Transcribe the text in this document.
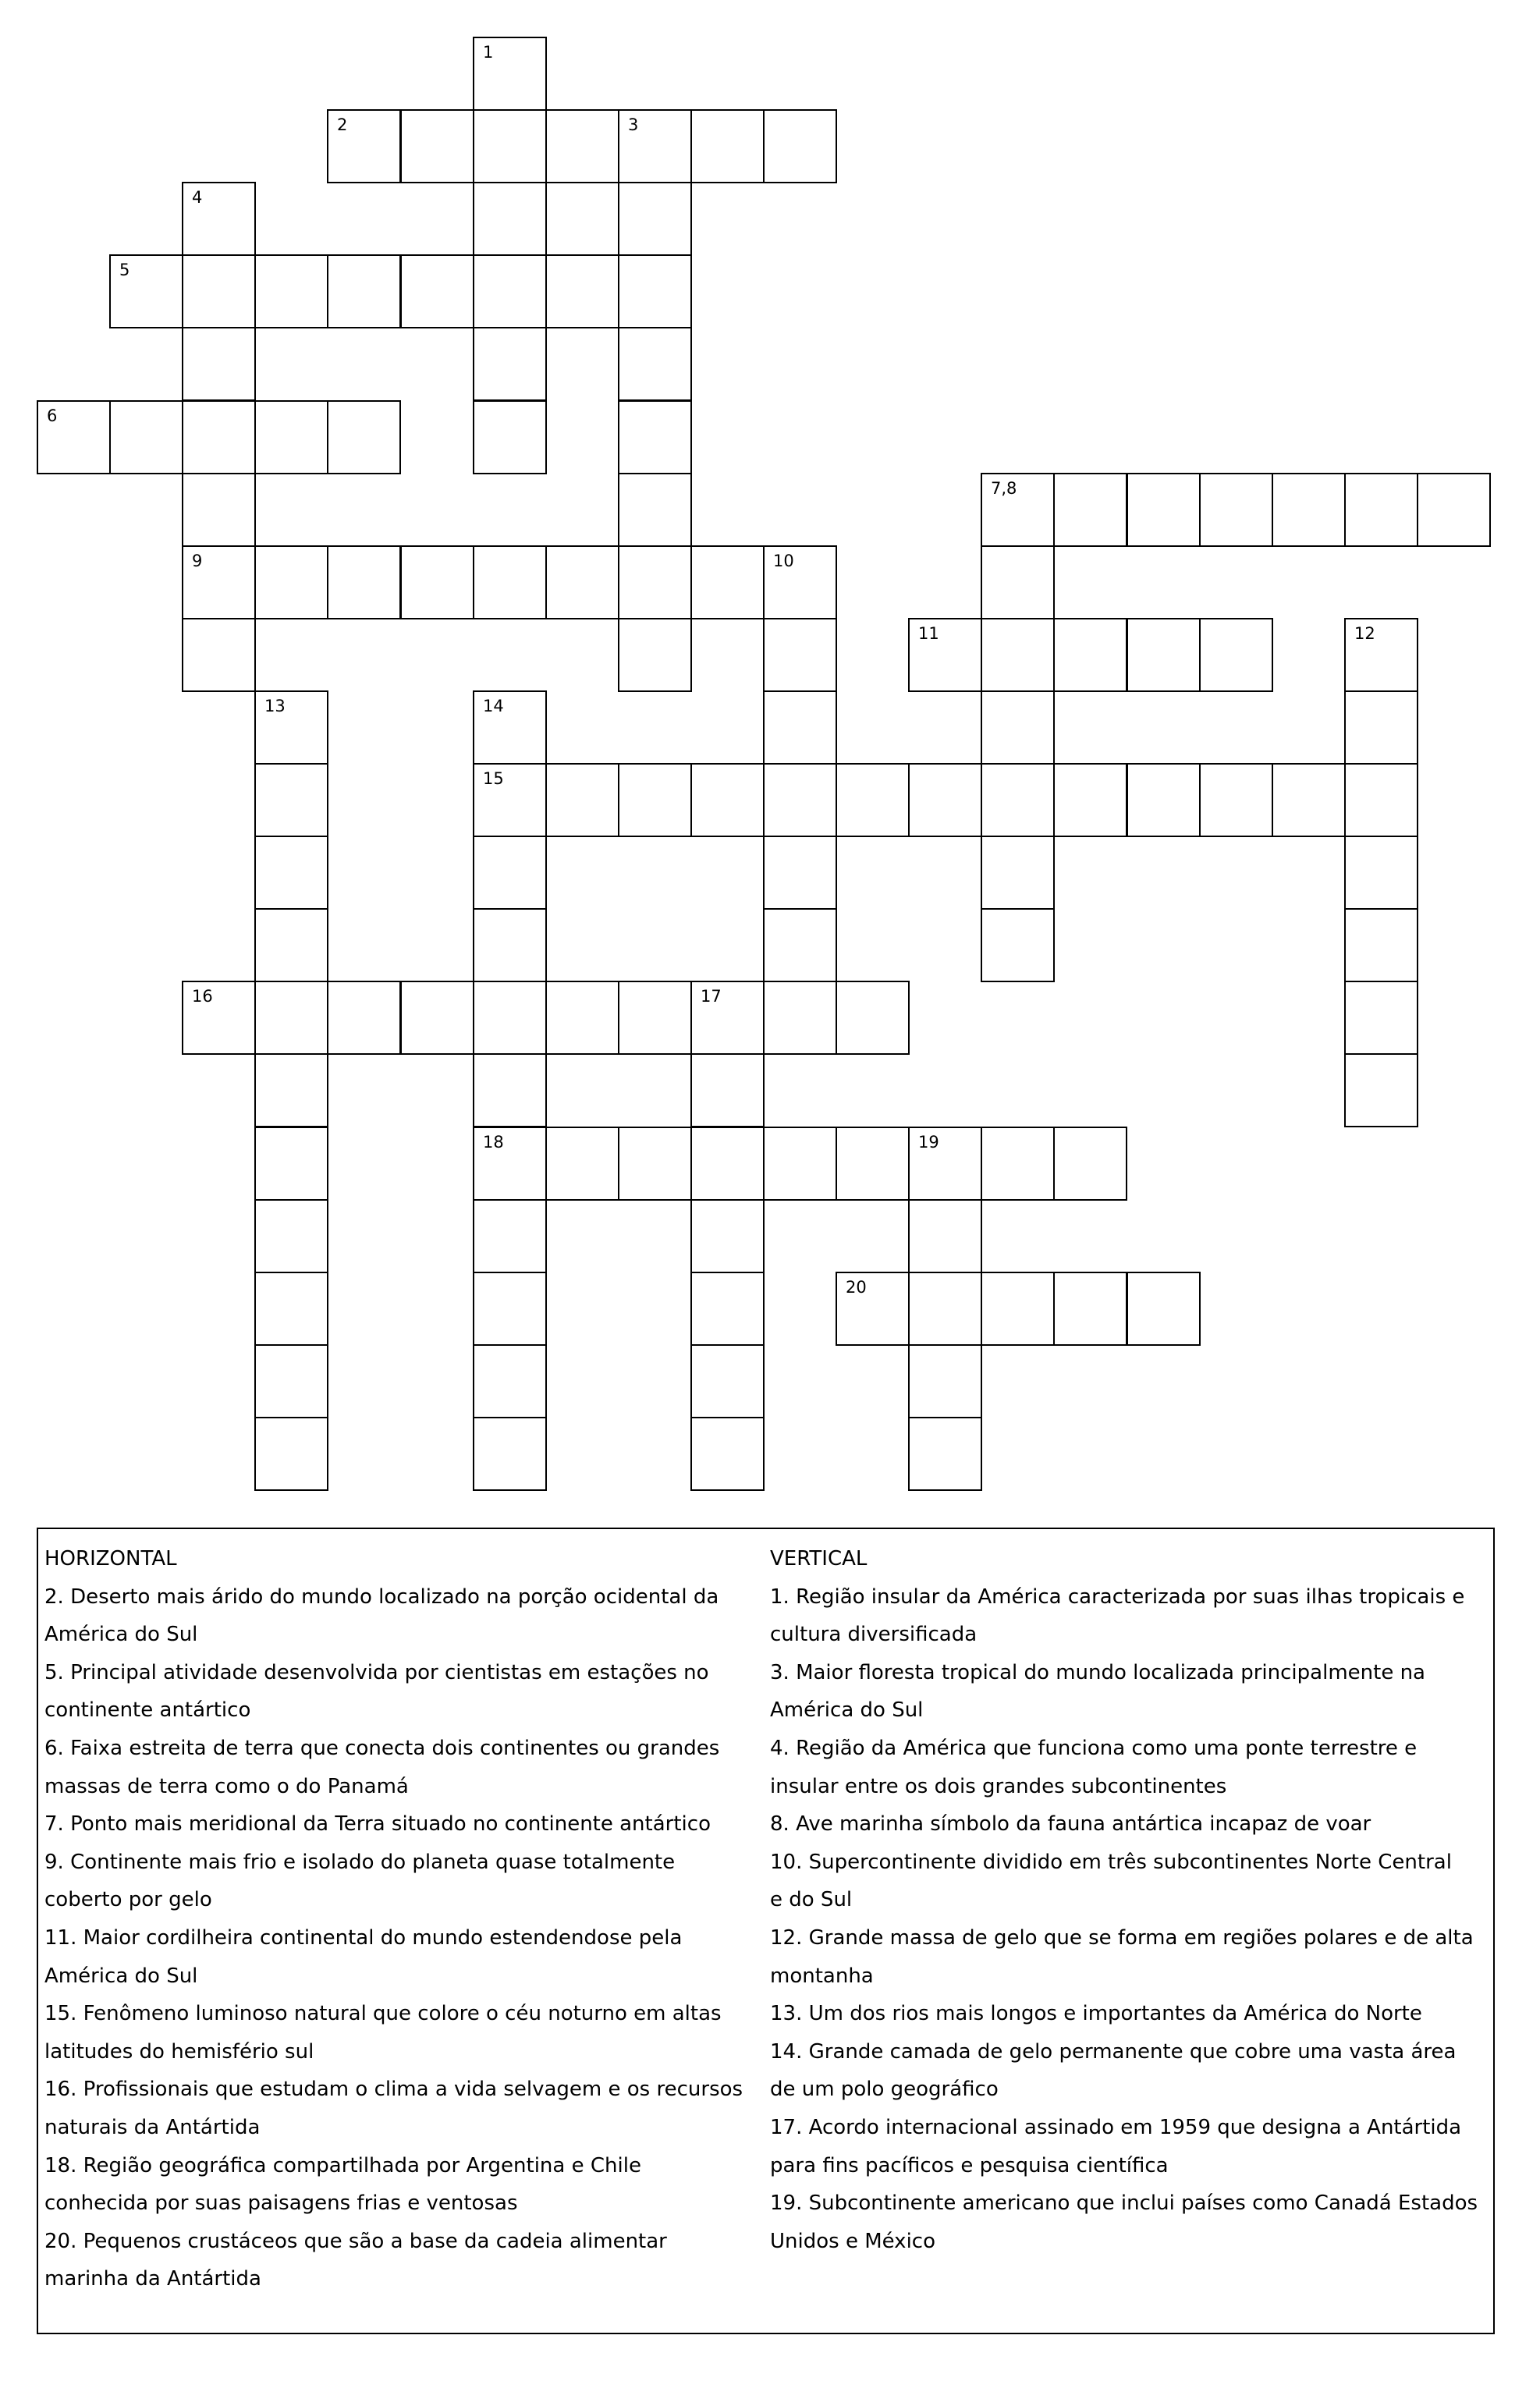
2	3
5
6
7,8
9	10
11
15
16	17
18	19
20
1
4
12
13	14
HORIZONTAL
2. Deserto mais árido do mundo localizado na porção ocidental da
América do Sul
5. Principal atividade desenvolvida por cientistas em estações no
continente antártico
6. Faixa estreita de terra que conecta dois continentes ou grandes
massas de terra como o do Panamá
7. Ponto mais meridional da Terra situado no continente antártico
9. Continente mais frio e isolado do planeta quase totalmente
coberto por gelo
11. Maior cordilheira continental do mundo estendendose pela
América do Sul
15. Fenômeno luminoso natural que colore o céu noturno em altas
latitudes do hemisfério sul
16. Profissionais que estudam o clima a vida selvagem e os recursos
naturais da Antártida
18. Região geográfica compartilhada por Argentina e Chile
conhecida por suas paisagens frias e ventosas
20. Pequenos crustáceos que são a base da cadeia alimentar
marinha da Antártida
VERTICAL
1. Região insular da América caracterizada por suas ilhas tropicais e
cultura diversificada
3. Maior floresta tropical do mundo localizada principalmente na
América do Sul
4. Região da América que funciona como uma ponte terrestre e
insular entre os dois grandes subcontinentes
8. Ave marinha símbolo da fauna antártica incapaz de voar
10. Supercontinente dividido em três subcontinentes Norte Central
e do Sul
12. Grande massa de gelo que se forma em regiões polares e de alta
montanha
13. Um dos rios mais longos e importantes da América do Norte
14. Grande camada de gelo permanente que cobre uma vasta área
de um polo geográfico
17. Acordo internacional assinado em 1959 que designa a Antártida
para fins pacíficos e pesquisa científica
19. Subcontinente americano que inclui países como Canadá Estados
Unidos e México
